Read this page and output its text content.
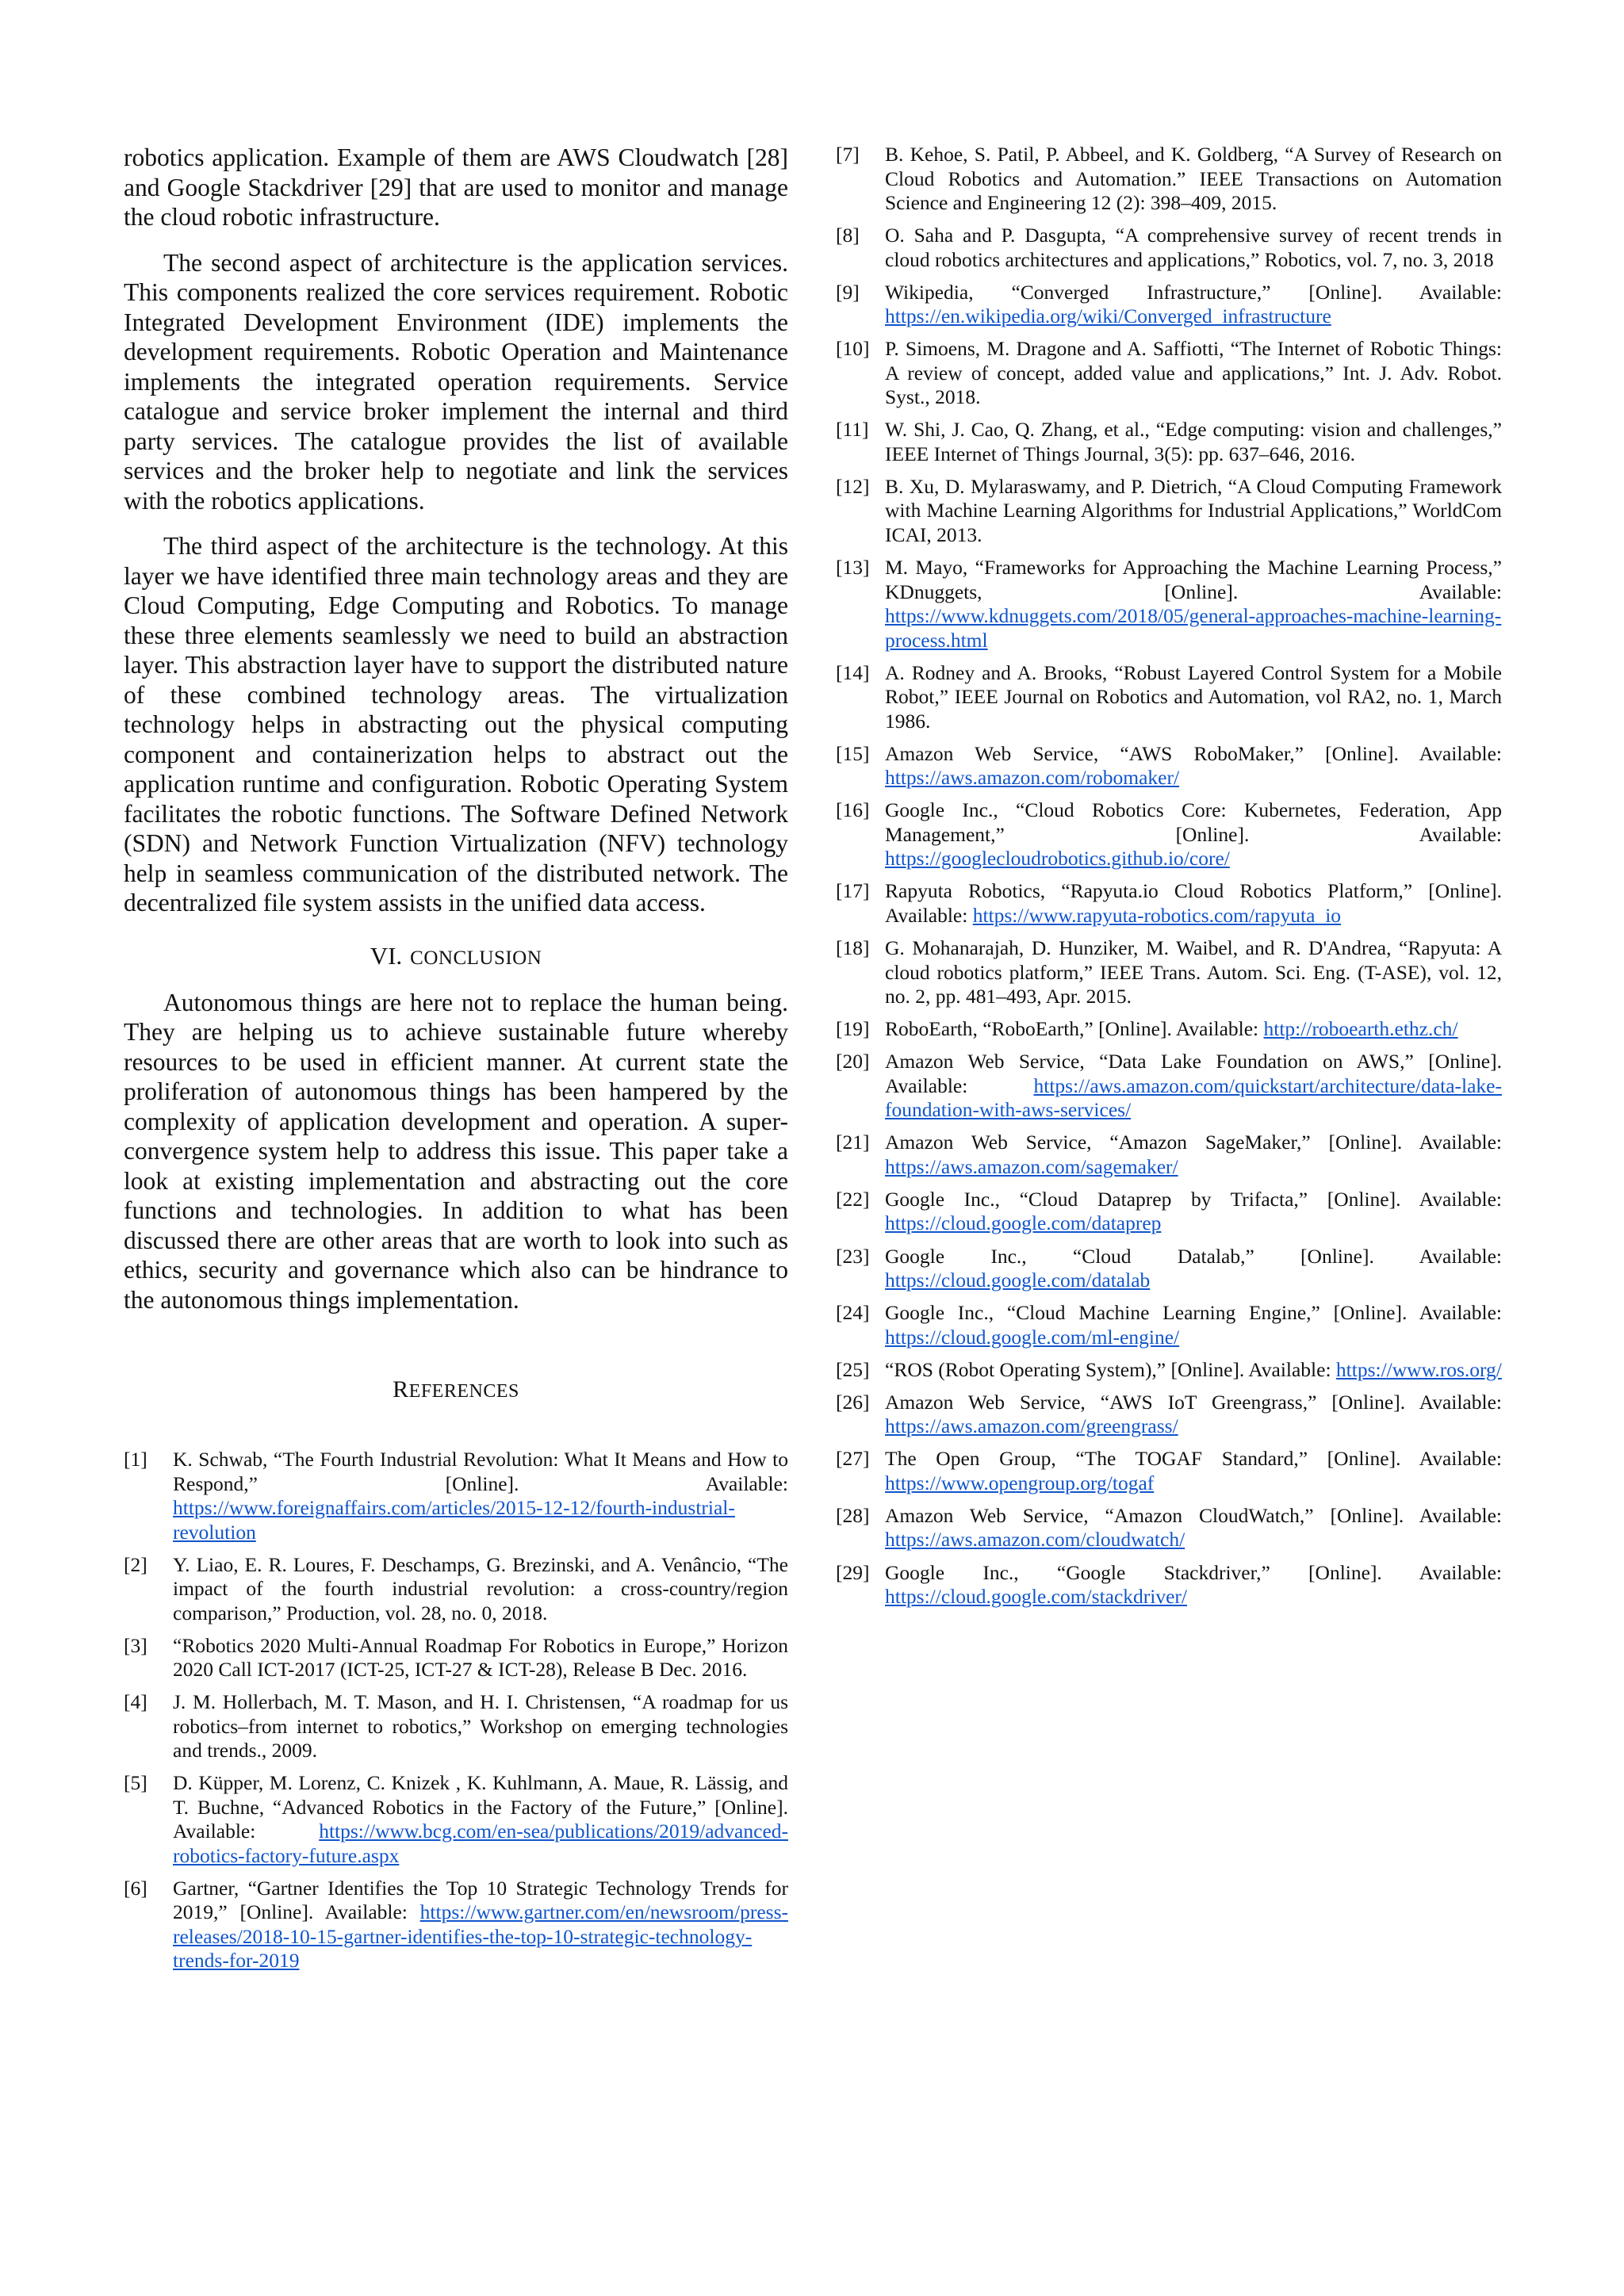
robotics application. Example of them are AWS Cloudwatch [28] and Google Stackdriver [29] that are used to monitor and manage the cloud robotic infrastructure.

The second aspect of architecture is the application services. This components realized the core services requirement. Robotic Integrated Development Environment (IDE) implements the development requirements. Robotic Operation and Maintenance implements the integrated operation requirements. Service catalogue and service broker implement the internal and third party services. The catalogue provides the list of available services and the broker help to negotiate and link the services with the robotics applications.

The third aspect of the architecture is the technology. At this layer we have identified three main technology areas and they are Cloud Computing, Edge Computing and Robotics. To manage these three elements seamlessly we need to build an abstraction layer. This abstraction layer have to support the distributed nature of these combined technology areas. The virtualization technology helps in abstracting out the physical computing component and containerization helps to abstract out the application runtime and configuration. Robotic Operating System facilitates the robotic functions. The Software Defined Network (SDN) and Network Function Virtualization (NFV) technology help in seamless communication of the distributed network. The decentralized file system assists in the unified data access.

VI. CONCLUSION

Autonomous things are here not to replace the human being. They are helping us to achieve sustainable future whereby resources to be used in efficient manner. At current state the proliferation of autonomous things has been hampered by the complexity of application development and operation. A super-convergence system help to address this issue. This paper take a look at existing implementation and abstracting out the core functions and technologies. In addition to what has been discussed there are other areas that are worth to look into such as ethics, security and governance which also can be hindrance to the autonomous things implementation.

REFERENCES
[1]	K. Schwab, “The Fourth Industrial Revolution: What It Means and How to Respond,” [Online]. Available: https://www.foreignaffairs.com/articles/2015-12-12/fourth-industrial-revolution
[2]	Y. Liao, E. R. Loures, F. Deschamps, G. Brezinski, and A. Venâncio, “The impact of the fourth industrial revolution: a cross-country/region comparison,” Production, vol. 28, no. 0, 2018.
[3]	“Robotics 2020 Multi-Annual Roadmap For Robotics in Europe,” Horizon 2020 Call ICT-2017 (ICT-25, ICT-27 & ICT-28), Release B Dec. 2016.
[4]	J. M. Hollerbach, M. T. Mason, and H. I. Christensen, “A roadmap for us robotics–from internet to robotics,” Workshop on emerging technologies and trends., 2009.
[5]	D. Küpper, M. Lorenz, C. Knizek , K. Kuhlmann, A. Maue, R. Lässig, and T. Buchne, “Advanced Robotics in the Factory of the Future,” [Online]. Available: https://www.bcg.com/en-sea/publications/2019/advanced-robotics-factory-future.aspx
[6]	Gartner, “Gartner Identifies the Top 10 Strategic Technology Trends for 2019,” [Online]. Available: https://www.gartner.com/en/newsroom/press-releases/2018-10-15-gartner-identifies-the-top-10-strategic-technology-trends-for-2019
[7]	B. Kehoe, S. Patil, P. Abbeel, and K. Goldberg, “A Survey of Research on Cloud Robotics and Automation.” IEEE Transactions on Automation Science and Engineering 12 (2): 398–409, 2015.
[8]	O. Saha and P. Dasgupta, “A comprehensive survey of recent trends in cloud robotics architectures and applications,” Robotics, vol. 7, no. 3, 2018
[9]	Wikipedia, “Converged Infrastructure,” [Online]. Available: https://en.wikipedia.org/wiki/Converged_infrastructure
[10] P. Simoens, M. Dragone and A. Saffiotti, “The Internet of Robotic Things: A review of concept, added value and applications,” Int. J. Adv. Robot. Syst., 2018.
[11] W. Shi, J. Cao, Q. Zhang, et al., “Edge computing: vision and challenges,” IEEE Internet of Things Journal, 3(5): pp. 637–646, 2016.
[12] B. Xu, D. Mylaraswamy, and P. Dietrich, “A Cloud Computing Framework with Machine Learning Algorithms for Industrial Applications,” WorldCom ICAI, 2013.
[13] M. Mayo, “Frameworks for Approaching the Machine Learning Process,” KDnuggets, [Online]. Available: https://www.kdnuggets.com/2018/05/general-approaches-machine-learning-process.html
[14] A. Rodney and A. Brooks, “Robust Layered Control System for a Mobile Robot,” IEEE Journal on Robotics and Automation, vol RA2, no. 1, March 1986.
[15] Amazon Web Service, “AWS RoboMaker,” [Online]. Available: https://aws.amazon.com/robomaker/
[16] Google Inc., “Cloud Robotics Core: Kubernetes, Federation, App Management,” [Online]. Available: https://googlecloudrobotics.github.io/core/
[17] Rapyuta Robotics, “Rapyuta.io Cloud Robotics Platform,” [Online]. Available: https://www.rapyuta-robotics.com/rapyuta_io
[18] G. Mohanarajah, D. Hunziker, M. Waibel, and R. D'Andrea, “Rapyuta: A cloud robotics platform,” IEEE Trans. Autom. Sci. Eng. (T-ASE), vol. 12, no. 2, pp. 481–493, Apr. 2015.
[19] RoboEarth, “RoboEarth,” [Online]. Available: http://roboearth.ethz.ch/
[20] Amazon Web Service, “Data Lake Foundation on AWS,” [Online]. Available: https://aws.amazon.com/quickstart/architecture/data-lake-foundation-with-aws-services/
[21] Amazon Web Service, “Amazon SageMaker,” [Online]. Available: https://aws.amazon.com/sagemaker/
[22] Google Inc., “Cloud Dataprep by Trifacta,” [Online]. Available: https://cloud.google.com/dataprep
[23] Google Inc., “Cloud Datalab,” [Online]. Available: https://cloud.google.com/datalab
[24] Google Inc., “Cloud Machine Learning Engine,” [Online]. Available: https://cloud.google.com/ml-engine/
[25] “ROS (Robot Operating System),” [Online]. Available: https://www.ros.org/
[26] Amazon Web Service, “AWS IoT Greengrass,” [Online]. Available: https://aws.amazon.com/greengrass/
[27] The Open Group, “The TOGAF Standard,” [Online]. Available: https://www.opengroup.org/togaf
[28] Amazon Web Service, “Amazon CloudWatch,” [Online]. Available: https://aws.amazon.com/cloudwatch/
[29] Google Inc., “Google Stackdriver,” [Online]. Available: https://cloud.google.com/stackdriver/
